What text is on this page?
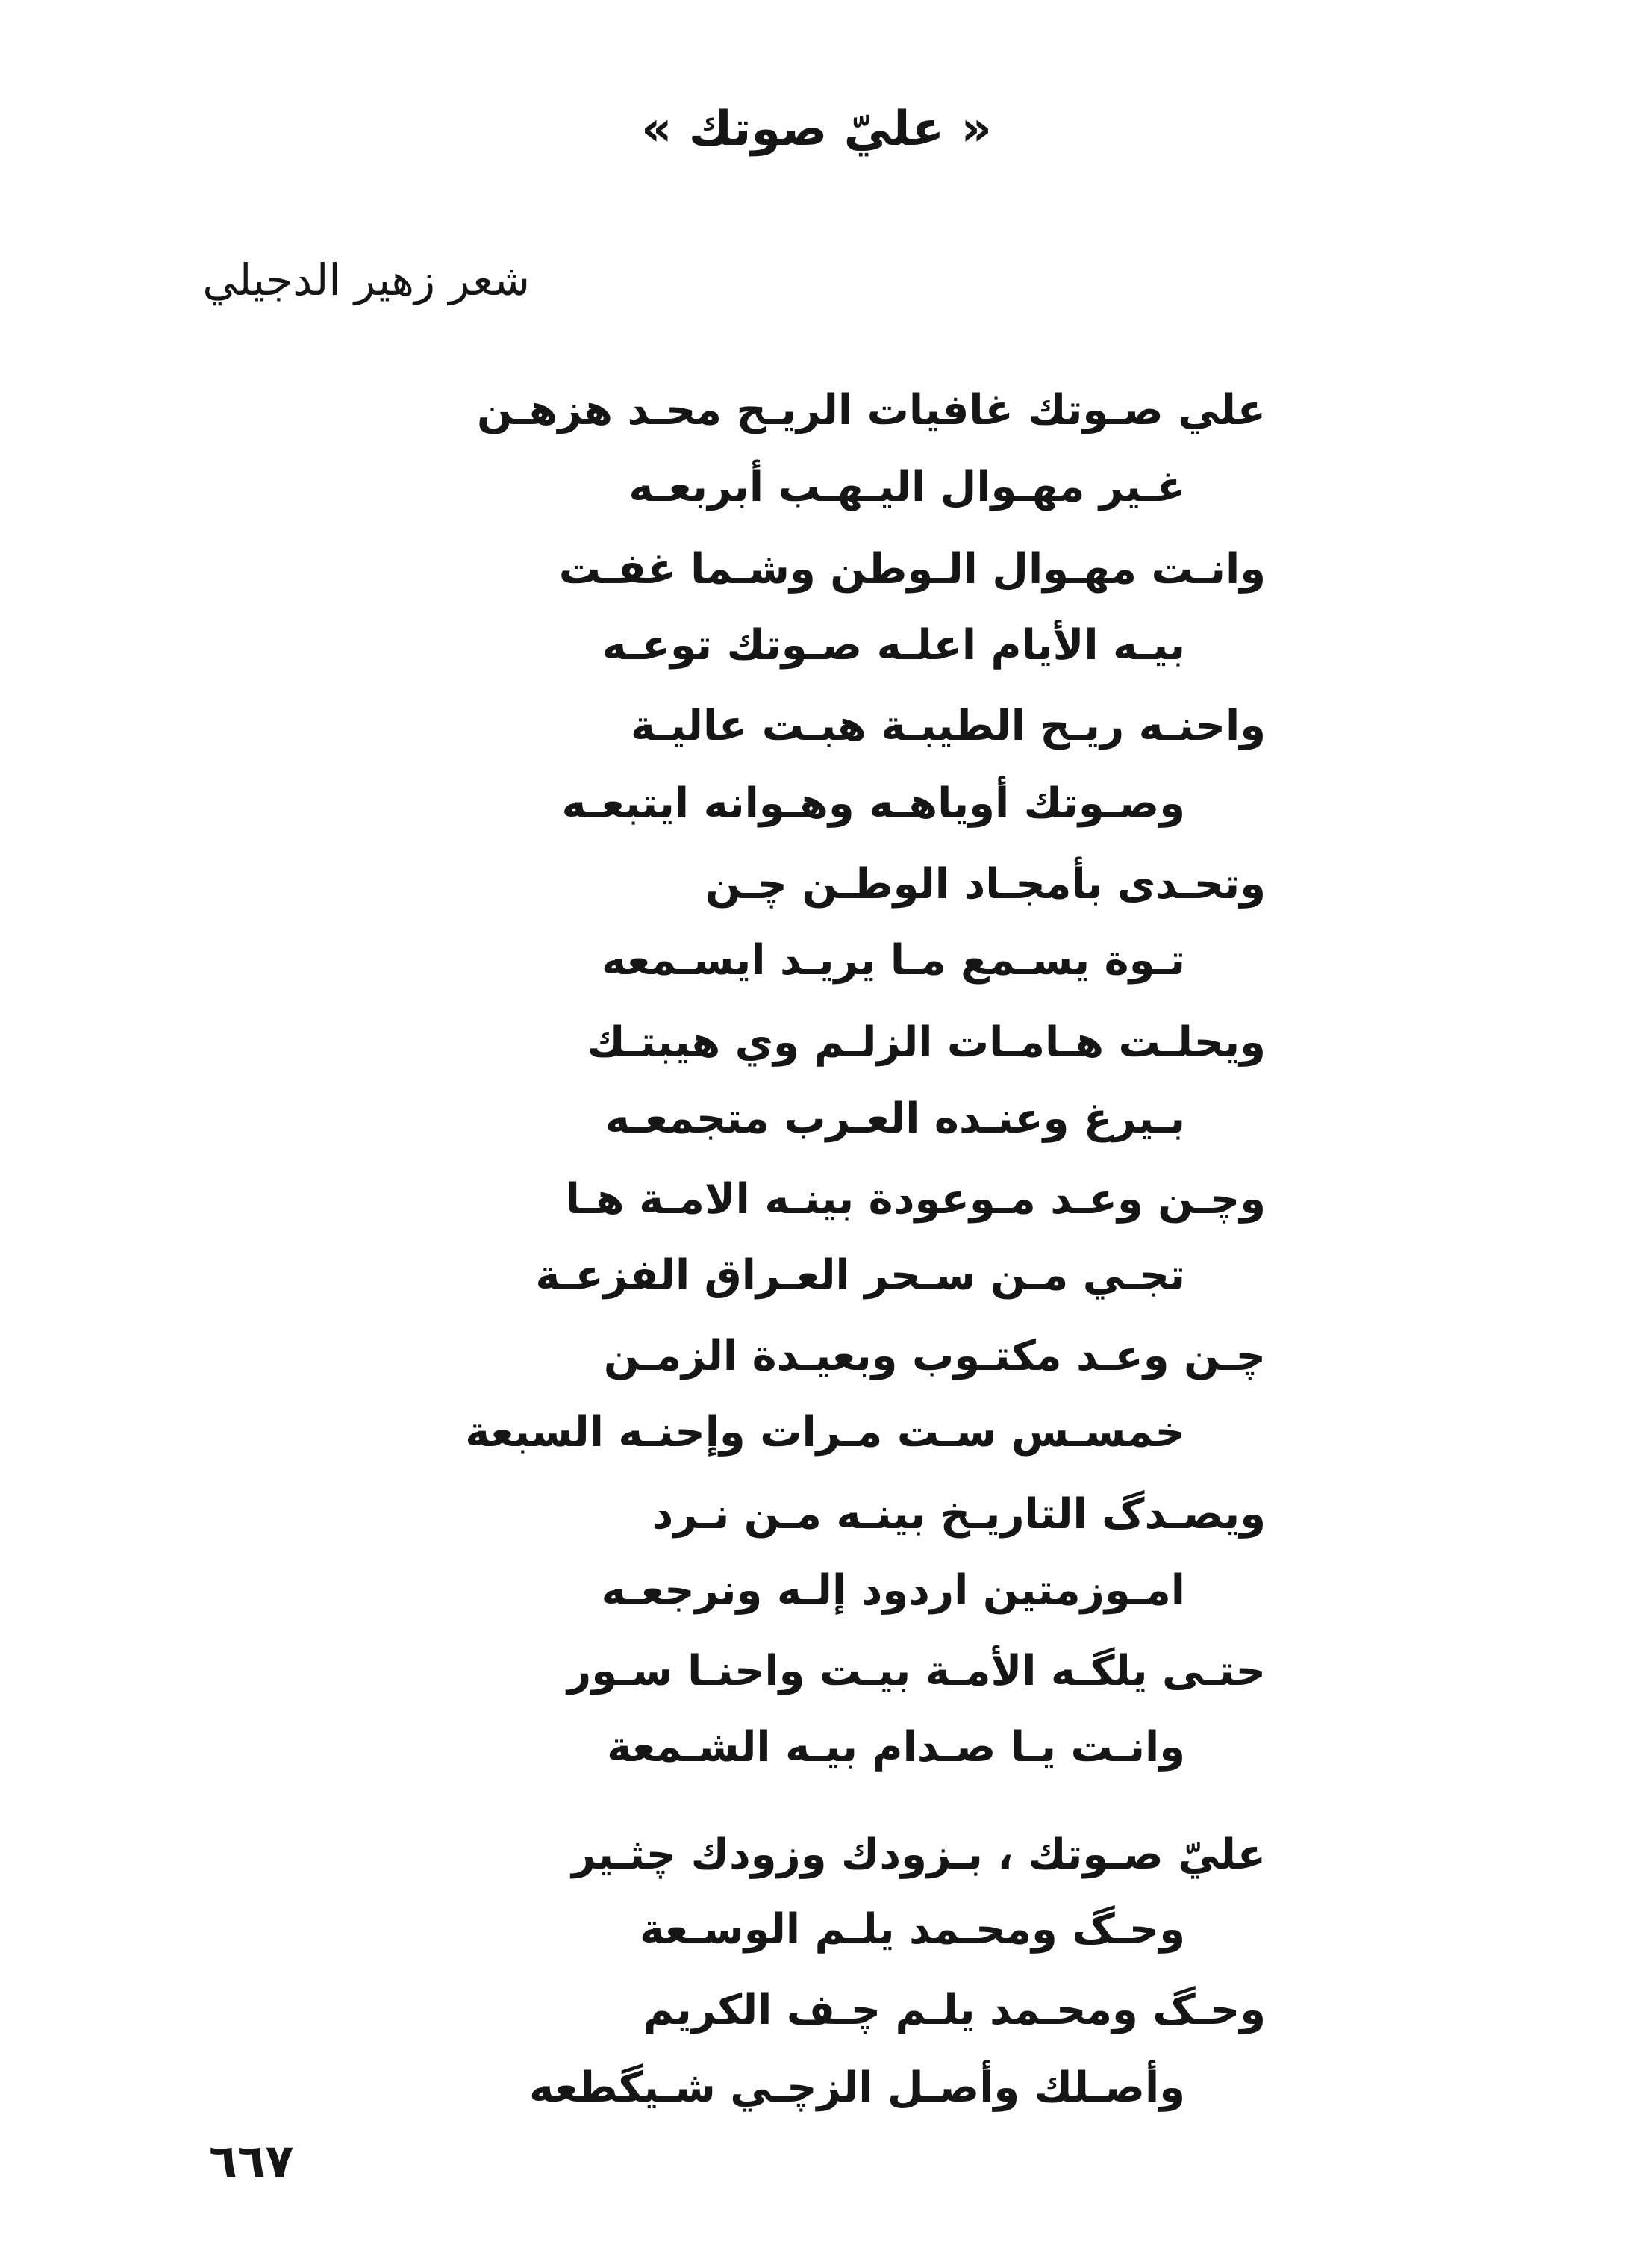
« عليّ صوتك »
شعر زهير الدجيلي
علي صـوتك غافيات الريـح محـد هزهـن
غـير مهـوال اليـهـب أبربعـه
وانـت مهـوال الـوطن وشـما غفـت
بيـه الأيام اعلـه صـوتك توعـه
واحنـه ريـح الطيبـة هبـت عاليـة
وصـوتك أوياهـه وهـوانه ايتبعـه
وتحـدى بأمجـاد الوطـن چـن
تـوة يسـمع مـا يريـد ايسـمعه
ويحلـت هـامـات الزلـم وي هيبتـك
بـيرغ وعنـده العـرب متجمعـه
وچـن وعـد مـوعودة بينـه الامـة هـا
تجـي مـن سـحر العـراق الفزعـة
چـن وعـد مكتـوب وبعيـدة الزمـن
خمسـس سـت مـرات وإحنـه السبعة
ويصـدگ التاريـخ بينـه مـن نـرد
امـوزمتين اردود إلـه ونرجعـه
حتـى يلگـه الأمـة بيـت واحنـا سـور
وانـت يـا صـدام بيـه الشـمعة
عليّ صـوتك ، بـزودك وزودك چثـير
وحـگ ومحـمد يلـم الوسـعة
وحـگ ومحـمد يلـم چـف الكريم
وأصـلك وأصـل الزچـي شـيگطعه
٦٦٧
